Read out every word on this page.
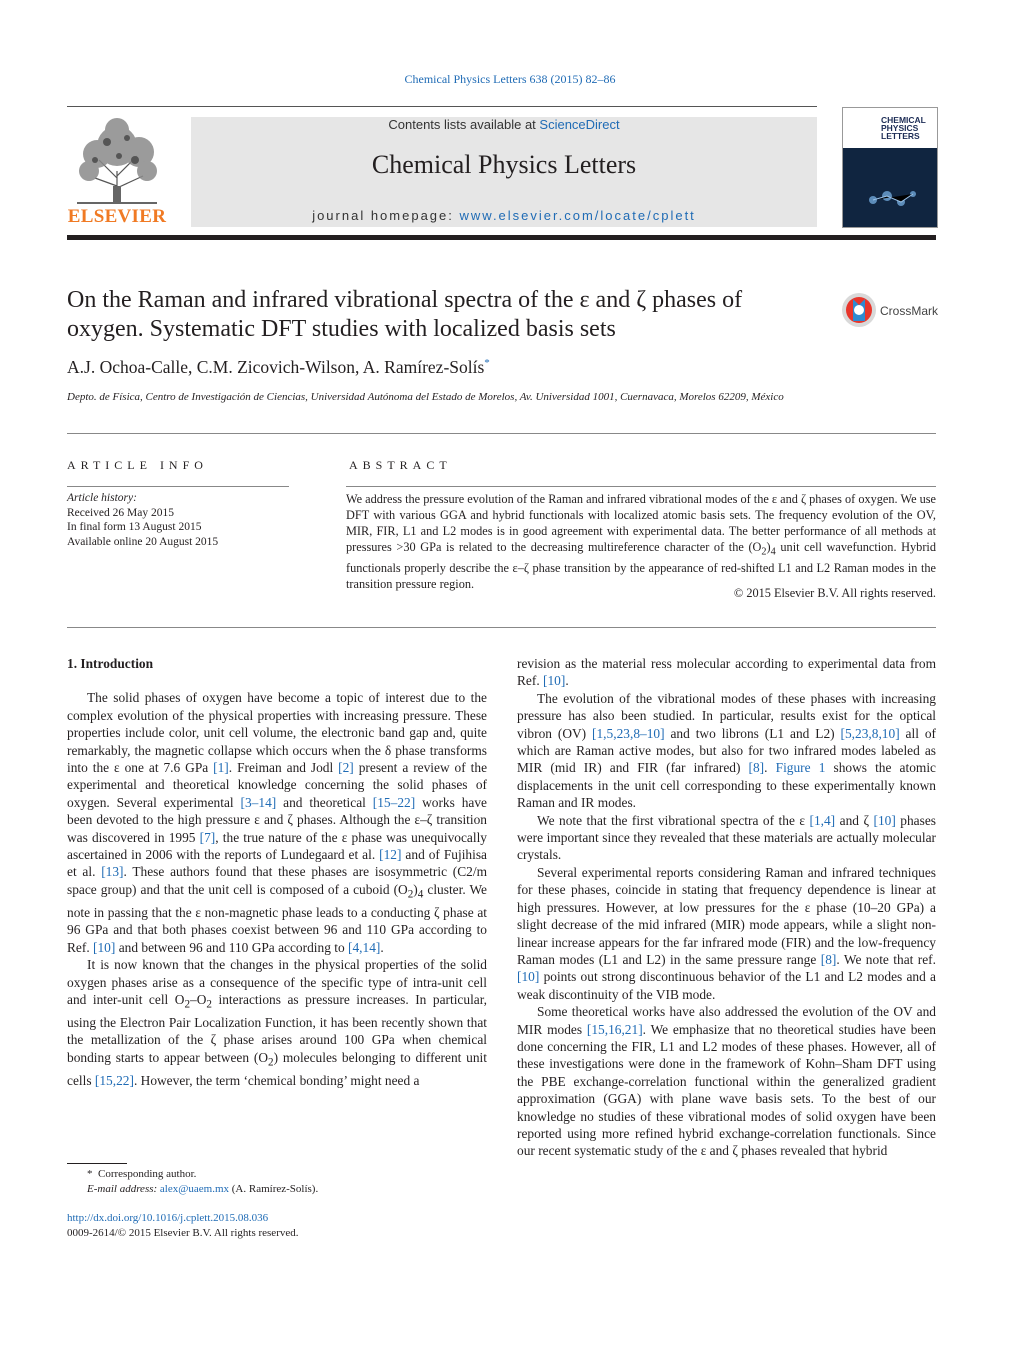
Chemical Physics Letters 638 (2015) 82–86
ELSEVIER
Contents lists available at ScienceDirect
Chemical Physics Letters
journal homepage: www.elsevier.com/locate/cplett
CHEMICAL
PHYSICS
LETTERS
On the Raman and infrared vibrational spectra of the ε and ζ phases of
oxygen. Systematic DFT studies with localized basis sets
CrossMark
A.J. Ochoa-Calle, C.M. Zicovich-Wilson, A. Ramírez-Solís*
Depto. de Física, Centro de Investigación de Ciencias, Universidad Autónoma del Estado de Morelos, Av. Universidad 1001, Cuernavaca, Morelos 62209, México
ARTICLE INFO	ABSTRACT
Article history:
Received 26 May 2015
In final form 13 August 2015
Available online 20 August 2015
We address the pressure evolution of the Raman and infrared vibrational modes of the ε and ζ phases of oxygen. We use DFT with various GGA and hybrid functionals with localized atomic basis sets. The frequency evolution of the OV, MIR, FIR, L1 and L2 modes is in good agreement with experimental data. The better performance of all methods at pressures >30 GPa is related to the decreasing multireference character of the $(O_2)_4$ unit cell wavefunction. Hybrid functionals properly describe the ε–ζ phase transition by the appearance of red-shifted L1 and L2 Raman modes in the transition pressure region.
© 2015 Elsevier B.V. All rights reserved.

1. Introduction

The solid phases of oxygen have become a topic of interest due to the complex evolution of the physical properties with increasing pressure. These properties include color, unit cell volume, the electronic band gap and, quite remarkably, the magnetic collapse which occurs when the δ phase transforms into the ε one at 7.6 GPa [1]. Freiman and Jodl [2] present a review of the experimental and theoretical knowledge concerning the solid phases of oxygen. Several experimental [3–14] and theoretical [15–22] works have been devoted to the high pressure ε and ζ phases. Although the ε–ζ transition was discovered in 1995 [7], the true nature of the ε phase was unequivocally ascertained in 2006 with the reports of Lundegaard et al. [12] and of Fujihisa et al. [13]. These authors found that these phases are isosymmetric (C2/m space group) and that the unit cell is composed of a cuboid $(O_2)_4$ cluster. We note in passing that the ε non-magnetic phase leads to a conducting ζ phase at 96 GPa and that both phases coexist between 96 and 110 GPa according to Ref. [10] and between 96 and 110 GPa according to [4,14].

It is now known that the changes in the physical properties of the solid oxygen phases arise as a consequence of the specific type of intra-unit cell and inter-unit cell $O_2-O_2$ interactions as pressure increases. In particular, using the Electron Pair Localization Function, it has been recently shown that the metallization of the ζ phase arises around 100 GPa when chemical bonding starts to appear between $(O_2)$ molecules belonging to different unit cells [15,22]. However, the term ‘chemical bonding’ might need a

revision as the material ress molecular according to experimental data from Ref. [10].

The evolution of the vibrational modes of these phases with increasing pressure has also been studied. In particular, results exist for the optical vibron (OV) [1,5,23,8–10] and two librons (L1 and L2) [5,23,8,10] all of which are Raman active modes, but also for two infrared modes labeled as MIR (mid IR) and FIR (far infrared) [8]. Figure 1 shows the atomic displacements in the unit cell corresponding to these experimentally known Raman and IR modes.

We note that the first vibrational spectra of the ε [1,4] and ζ [10] phases were important since they revealed that these materials are actually molecular crystals.

Several experimental reports considering Raman and infrared techniques for these phases, coincide in stating that frequency dependence is linear at high pressures. However, at low pressures for the ε phase (10–20 GPa) a slight decrease of the mid infrared (MIR) mode appears, while a slight non-linear increase appears for the far infrared mode (FIR) and the low-frequency Raman modes (L1 and L2) in the same pressure range [8]. We note that ref. [10] points out strong discontinuous behavior of the L1 and L2 modes and a weak discontinuity of the VIB mode.

Some theoretical works have also addressed the evolution of the OV and MIR modes [15,16,21]. We emphasize that no theoretical studies have been done concerning the FIR, L1 and L2 modes of these phases. However, all of these investigations were done in the framework of Kohn–Sham DFT using the PBE exchange-correlation functional within the generalized gradient approximation (GGA) with plane wave basis sets. To the best of our knowledge no studies of these vibrational modes of solid oxygen have been reported using more refined hybrid exchange-correlation functionals. Since our recent systematic study of the ε and ζ phases revealed that hybrid

* Corresponding author.
E-mail address: alex@uaem.mx (A. Ramírez-Solís).
http://dx.doi.org/10.1016/j.cplett.2015.08.036
0009-2614/© 2015 Elsevier B.V. All rights reserved.
